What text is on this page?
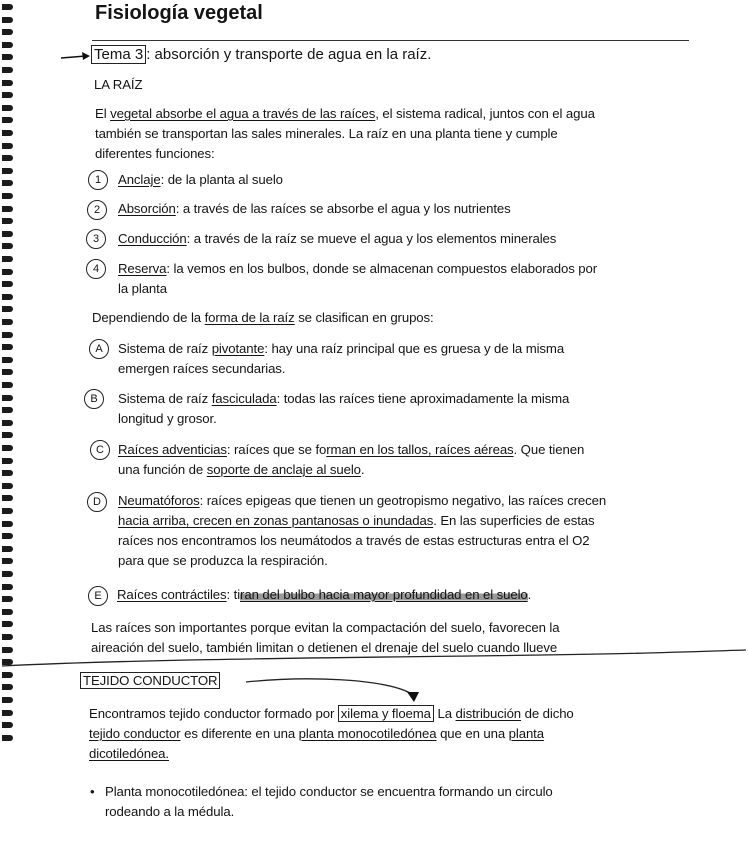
Fisiología vegetal
Tema 3 : absorción y transporte de agua en la raíz.
LA RAÍZ
El vegetal absorbe el agua a través de las raíces, el sistema radical, juntos con el agua
también se transportan las sales minerales. La raíz en una planta tiene y cumple
diferentes funciones:
1	Anclaje: de la planta al suelo
2	Absorción: a través de las raíces se absorbe el agua y los nutrientes
3	Conducción: a través de la raíz se mueve el agua y los elementos minerales
4	Reserva: la vemos en los bulbos, donde se almacenan compuestos elaborados por
la planta
Dependiendo de la forma de la raíz se clasifican en grupos:
A	Sistema de raíz pivotante: hay una raíz principal que es gruesa y de la misma
emergen raíces secundarias.
B	Sistema de raíz fasciculada: todas las raíces tiene aproximadamente la misma
longitud y grosor.
C	Raíces adventicias: raíces que se forman en los tallos, raíces aéreas. Que tienen
una función de soporte de anclaje al suelo.
D	Neumatóforos: raíces epigeas que tienen un geotropismo negativo, las raíces crecen
hacia arriba, crecen en zonas pantanosas o inundadas. En las superficies de estas
raíces nos encontramos los neumátodos a través de estas estructuras entra el O2
para que se produzca la respiración.
E	Raíces contráctiles: tiran del bulbo hacia mayor profundidad en el suelo.
Las raíces son importantes porque evitan la compactación del suelo, favorecen la
aireación del suelo, también limitan o detienen el drenaje del suelo cuando llueve
TEJIDO CONDUCTOR
Encontramos tejido conductor formado por xilema y floema La distribución de dicho
tejido conductor es diferente en una planta monocotiledónea que en una planta
dicotiledónea.
• Planta monocotiledónea: el tejido conductor se encuentra formando un circulo
rodeando a la médula.
